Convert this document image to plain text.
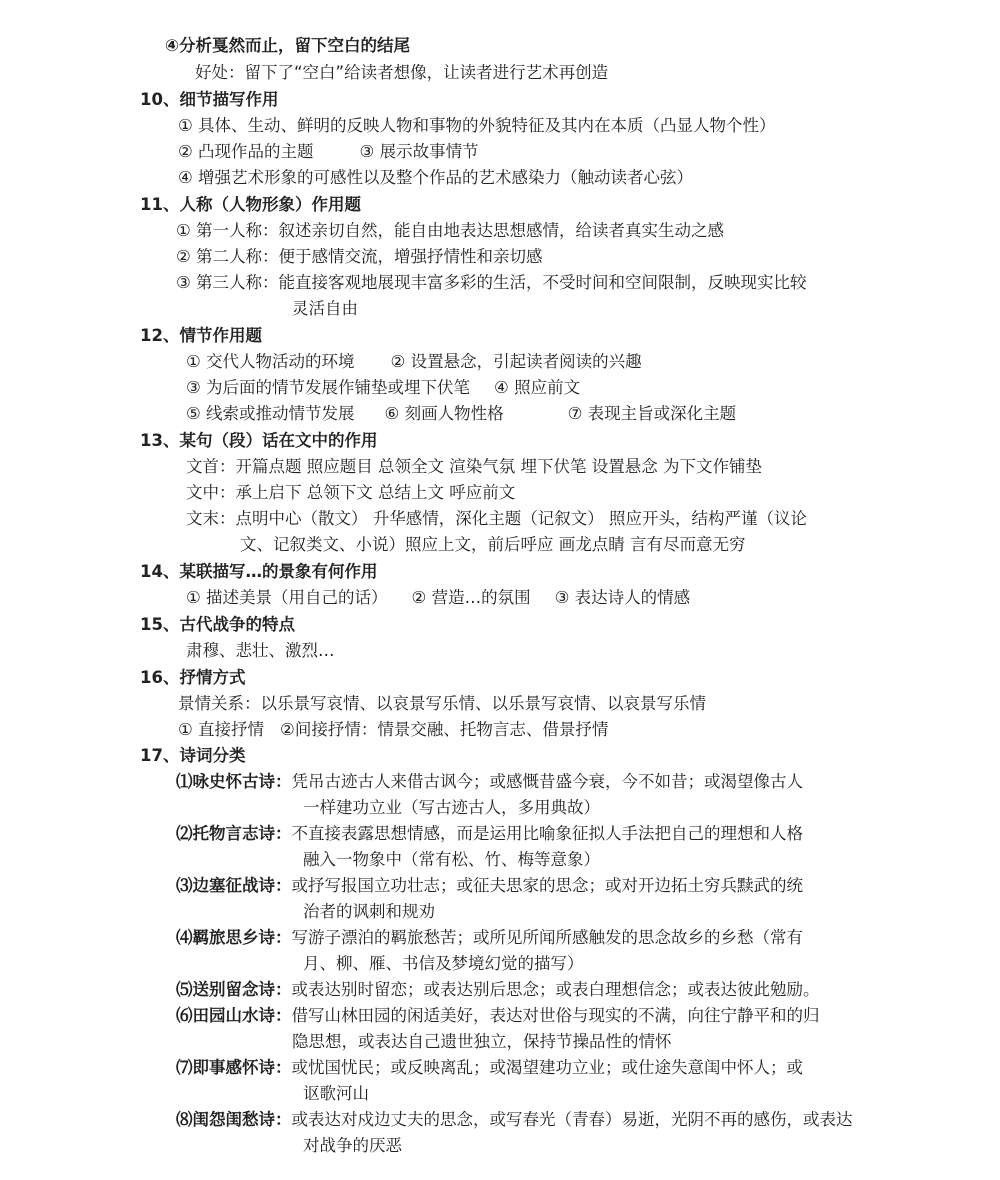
④分析戛然而止，留下空白的结尾
好处：留下了“空白”给读者想像，让读者进行艺术再创造
10、细节描写作用
① 具体、生动、鲜明的反映人物和事物的外貌特征及其内在本质（凸显人物个性）
② 凸现作品的主题	③ 展示故事情节
④ 增强艺术形象的可感性以及整个作品的艺术感染力（触动读者心弦）
11、人称（人物形象）作用题
① 第一人称：叙述亲切自然，能自由地表达思想感情，给读者真实生动之感
② 第二人称：便于感情交流，增强抒情性和亲切感
③ 第三人称：能直接客观地展现丰富多彩的生活，不受时间和空间限制，反映现实比较
灵活自由
12、情节作用题
① 交代人物活动的环境 ② 设置悬念，引起读者阅读的兴趣
③ 为后面的情节发展作铺垫或埋下伏笔 ④ 照应前文
⑤ 线索或推动情节发展 ⑥ 刻画人物性格	⑦ 表现主旨或深化主题
13、某句（段）话在文中的作用
文首：开篇点题 照应题目 总领全文 渲染气氛 埋下伏笔 设置悬念 为下文作铺垫
文中：承上启下 总领下文 总结上文 呼应前文
文末：点明中心（散文） 升华感情，深化主题（记叙文） 照应开头，结构严谨（议论
文、记叙类文、小说）照应上文，前后呼应 画龙点睛 言有尽而意无穷
14、某联描写…的景象有何作用
① 描述美景（用自己的话） ② 营造…的氛围 ③ 表达诗人的情感
15、古代战争的特点
肃穆、悲壮、激烈…
16、抒情方式
景情关系：以乐景写哀情、以哀景写乐情、以乐景写哀情、以哀景写乐情
① 直接抒情 ②间接抒情：情景交融、托物言志、借景抒情
17、诗词分类
⑴咏史怀古诗：凭吊古迹古人来借古讽今；或感慨昔盛今衰，今不如昔；或渴望像古人
一样建功立业（写古迹古人，多用典故）
⑵托物言志诗：不直接表露思想情感，而是运用比喻象征拟人手法把自己的理想和人格
融入一物象中（常有松、竹、梅等意象）
⑶边塞征战诗：或抒写报国立功壮志；或征夫思家的思念；或对开边拓土穷兵黩武的统
治者的讽刺和规劝
⑷羁旅思乡诗：写游子漂泊的羁旅愁苦；或所见所闻所感触发的思念故乡的乡愁（常有
月、柳、雁、书信及梦境幻觉的描写）
⑸送别留念诗：或表达别时留恋；或表达别后思念；或表白理想信念；或表达彼此勉励。
⑹田园山水诗：借写山林田园的闲适美好，表达对世俗与现实的不满，向往宁静平和的归
隐思想，或表达自己遗世独立，保持节操品性的情怀
⑺即事感怀诗：或忧国忧民；或反映离乱；或渴望建功立业；或仕途失意闺中怀人；或
讴歌河山
⑻闺怨闺愁诗：或表达对戍边丈夫的思念，或写春光（青春）易逝，光阴不再的感伤，或表达
对战争的厌恶
